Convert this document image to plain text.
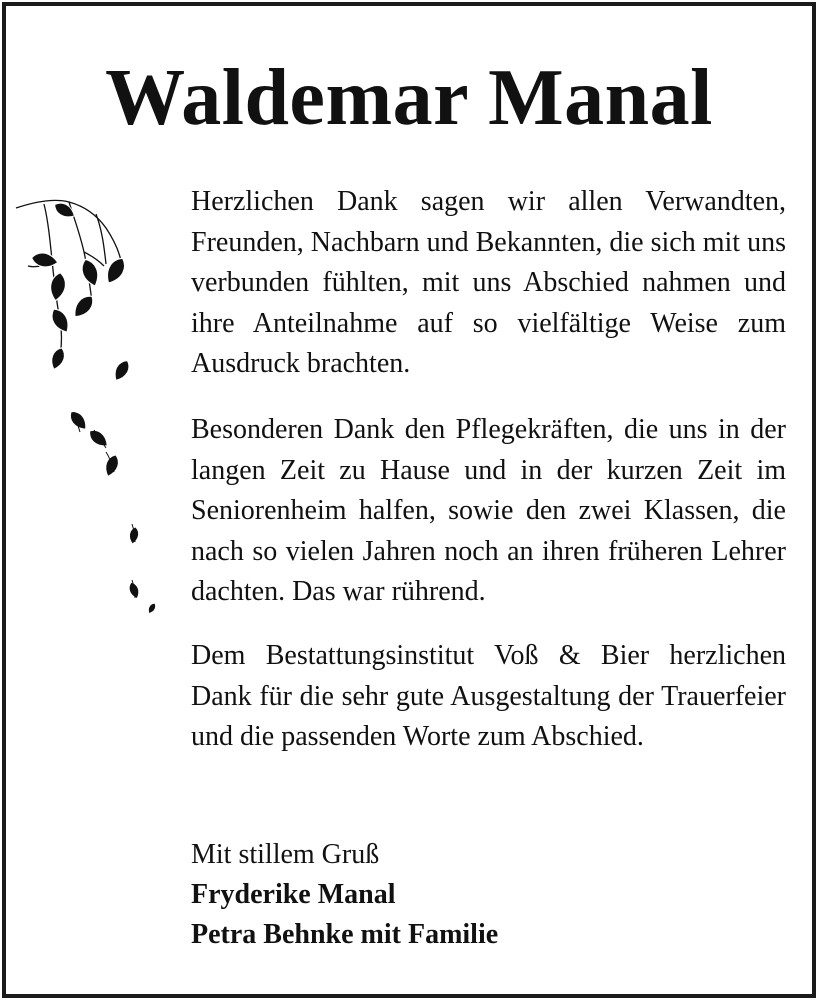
Waldemar Manal

Herzlichen Dank sagen wir allen Verwandten, Freunden, Nachbarn und Bekannten, die sich mit uns verbunden fühlten, mit uns Abschied nahmen und ihre Anteilnahme auf so vielfältige Weise zum Ausdruck brachten.

Besonderen Dank den Pflegekräften, die uns in der langen Zeit zu Hause und in der kurzen Zeit im Seniorenheim halfen, sowie den zwei Klassen, die nach so vielen Jahren noch an ihren früheren Lehrer dachten. Das war rührend.

Dem Bestattungsinstitut Voß & Bier herzlichen Dank für die sehr gute Ausgestaltung der Trauerfeier und die passenden Worte zum Abschied.

Mit stillem Gruß
Fryderike Manal
Petra Behnke mit Familie
